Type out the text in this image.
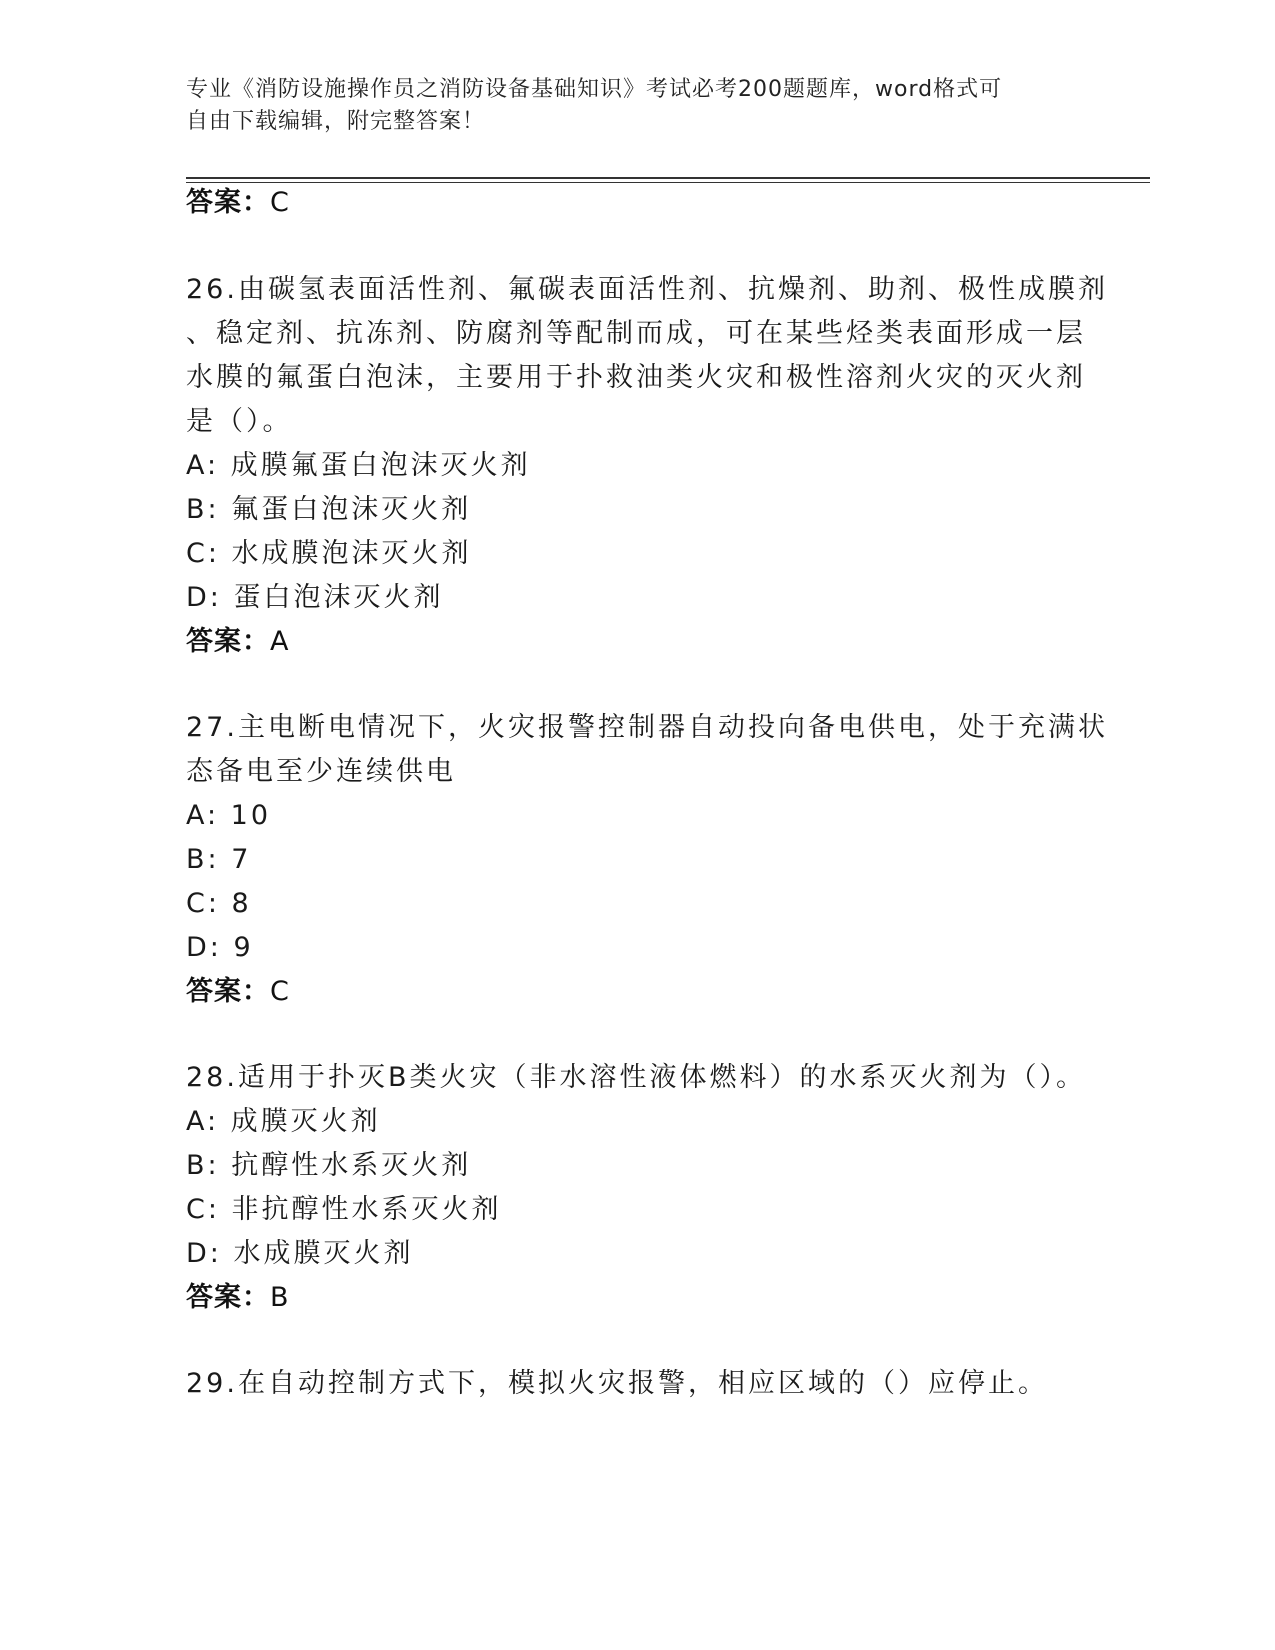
专业《消防设施操作员之消防设备基础知识》考试必考200题题库，word格式可
自由下载编辑，附完整答案！
答案：C
26.由碳氢表面活性剂、氟碳表面活性剂、抗燥剂、助剂、极性成膜剂
、稳定剂、抗冻剂、防腐剂等配制而成，可在某些烃类表面形成一层
水膜的氟蛋白泡沫，主要用于扑救油类火灾和极性溶剂火灾的灭火剂
是（）。
A: 成膜氟蛋白泡沫灭火剂
B: 氟蛋白泡沫灭火剂
C: 水成膜泡沫灭火剂
D: 蛋白泡沫灭火剂
答案：A
27.主电断电情况下，火灾报警控制器自动投向备电供电，处于充满状
态备电至少连续供电
A: 10
B: 7
C: 8
D: 9
答案：C
28.适用于扑灭B类火灾（非水溶性液体燃料）的水系灭火剂为（）。
A: 成膜灭火剂
B: 抗醇性水系灭火剂
C: 非抗醇性水系灭火剂
D: 水成膜灭火剂
答案：B
29.在自动控制方式下，模拟火灾报警，相应区域的（）应停止。
